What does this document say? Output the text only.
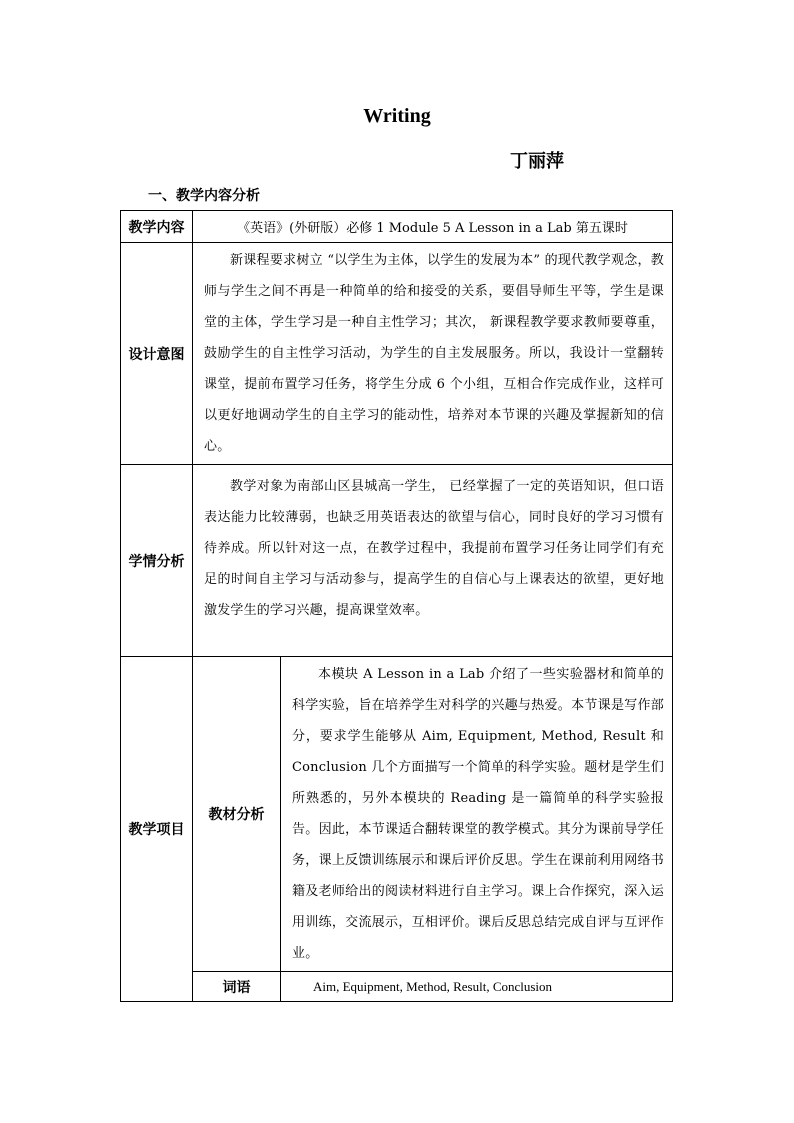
Writing
丁丽萍
一、教学内容分析
教学内容	《英语》(外研版）必修 1 Module 5 A Lesson in a Lab 第五课时	
设计意图	新课程要求树立 “以学生为主体，以学生的发展为本” 的现代教学观念，教师与学生之间不再是一种简单的给和接受的关系，要倡导师生平等，学生是课堂的主体，学生学习是一种自主性学习；其次， 新课程教学要求教师要尊重，鼓励学生的自主性学习活动，为学生的自主发展服务。所以，我设计一堂翻转课堂，提前布置学习任务，将学生分成 6 个小组，互相合作完成作业，这样可以更好地调动学生的自主学习的能动性，培养对本节课的兴趣及掌握新知的信心。	
学情分析	教学对象为南部山区县城高一学生， 已经掌握了一定的英语知识，但口语表达能力比较薄弱，也缺乏用英语表达的欲望与信心，同时良好的学习习惯有待养成。所以针对这一点，在教学过程中，我提前布置学习任务让同学们有充足的时间自主学习与活动参与，提高学生的自信心与上课表达的欲望，更好地激发学生的学习兴趣，提高课堂效率。	
教学项目	教材分析	本模块 A Lesson in a Lab 介绍了一些实验器材和简单的科学实验，旨在培养学生对科学的兴趣与热爱。本节课是写作部分，要求学生能够从 Aim, Equipment, Method, Result 和 Conclusion 几个方面描写一个简单的科学实验。题材是学生们所熟悉的，另外本模块的 Reading 是一篇简单的科学实验报告。因此，本节课适合翻转课堂的教学模式。其分为课前导学任务，课上反馈训练展示和课后评价反思。学生在课前利用网络书籍及老师给出的阅读材料进行自主学习。课上合作探究，深入运用训练，交流展示，互相评价。课后反思总结完成自评与互评作业。
	词语	Aim, Equipment, Method, Result, Conclusion
